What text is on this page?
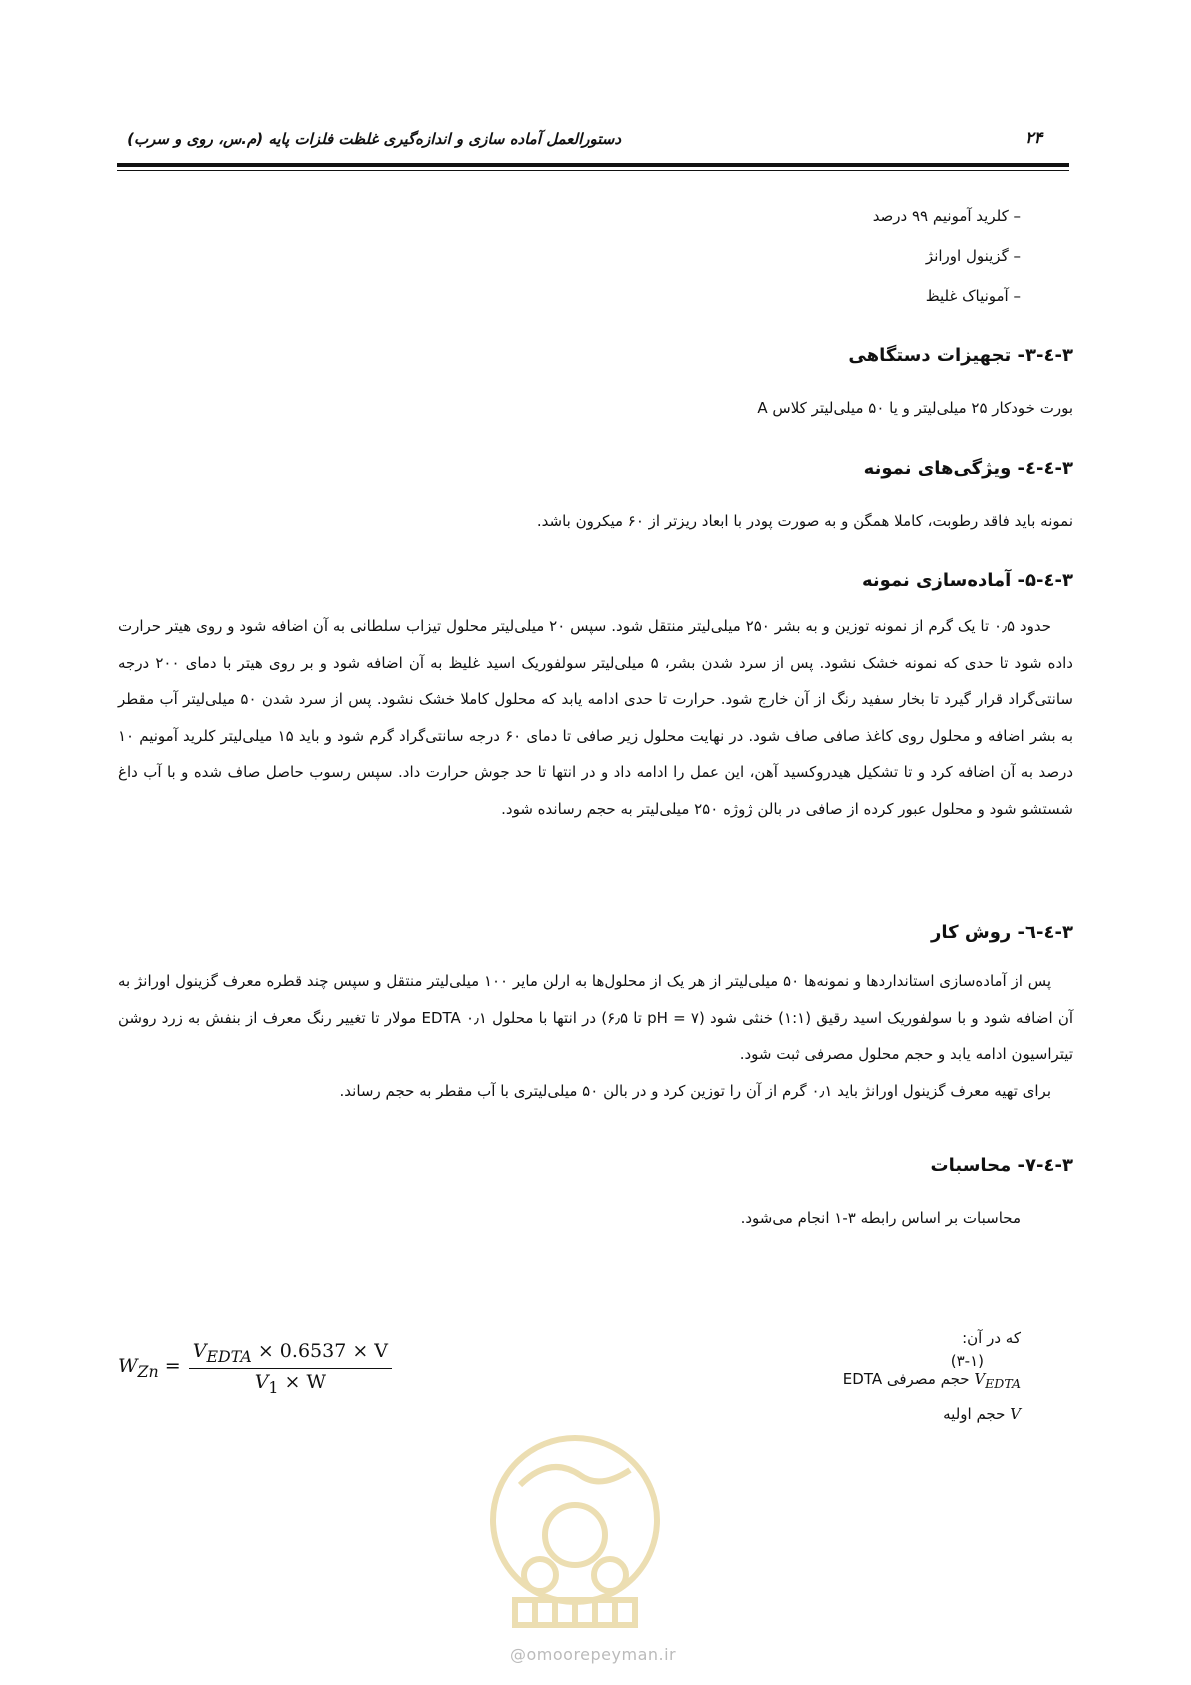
دستورالعمل آماده سازی و اندازه‌گیری غلظت فلزات پایه (م.س، روی و سرب)	۲۴
– کلرید آمونیم ۹۹ درصد
– گزینول اورانژ
– آمونیاک غلیظ
۳-٤-۳- تجهیزات دستگاهی
بورت خودکار ۲۵ میلی‌لیتر و یا ۵۰ میلی‌لیتر کلاس A
۳-٤-٤- ویژگی‌های نمونه
نمونه باید فاقد رطوبت، کاملا همگن و به صورت پودر با ابعاد ریزتر از ۶۰ میکرون باشد.
۳-٤-۵- آماده‌سازی نمونه
حدود ۰٫۵ تا یک گرم از نمونه توزین و به بشر ۲۵۰ میلی‌لیتر منتقل شود. سپس ۲۰ میلی‌لیتر محلول تیزاب سلطانی به آن اضافه شود و روی هیتر حرارت داده شود تا حدی که نمونه خشک نشود. پس از سرد شدن بشر، ۵ میلی‌لیتر سولفوریک اسید غلیظ به آن اضافه شود و بر روی هیتر با دمای ۲۰۰ درجه سانتی‌گراد قرار گیرد تا بخار سفید رنگ از آن خارج شود. حرارت تا حدی ادامه یابد که محلول کاملا خشک نشود. پس از سرد شدن ۵۰ میلی‌لیتر آب مقطر به بشر اضافه و محلول روی کاغذ صافی صاف شود. در نهایت محلول زیر صافی تا دمای ۶۰ درجه سانتی‌گراد گرم شود و باید ۱۵ میلی‌لیتر کلرید آمونیم ۱۰ درصد به آن اضافه کرد و تا تشکیل هیدروکسید آهن، این عمل را ادامه داد و در انتها تا حد جوش حرارت داد. سپس رسوب حاصل صاف شده و با آب داغ شستشو شود و محلول عبور کرده از صافی در بالن ژوژه ۲۵۰ میلی‌لیتر به حجم رسانده شود.
۳-٤-٦- روش کار
پس از آماده‌سازی استانداردها و نمونه‌ها ۵۰ میلی‌لیتر از هر یک از محلول‌ها به ارلن مایر ۱۰۰ میلی‌لیتر منتقل و سپس چند قطره معرف گزینول اورانژ به آن اضافه شود و با سولفوریک اسید رقیق (۱:۱) خنثی شود (pH = ۷ تا ۶٫۵) در انتها با محلول EDTA ۰٫۱ مولار تا تغییر رنگ معرف از بنفش به زرد روشن تیتراسیون ادامه یابد و حجم محلول مصرفی ثبت شود.
برای تهیه معرف گزینول اورانژ باید ۰٫۱ گرم از آن را توزین کرد و در بالن ۵۰ میلی‌لیتری با آب مقطر به حجم رساند.
۳-٤-۷- محاسبات
محاسبات بر اساس رابطه ۳-۱ انجام می‌شود.
$W_{Zn} = \frac{V_{EDTA} \times 0.6537 \times V}{V_1 \times W}$	(۳-۱)
که در آن:
$V_{EDTA}$ حجم مصرفی EDTA
V حجم اولیه
@omoorepeyman.ir
